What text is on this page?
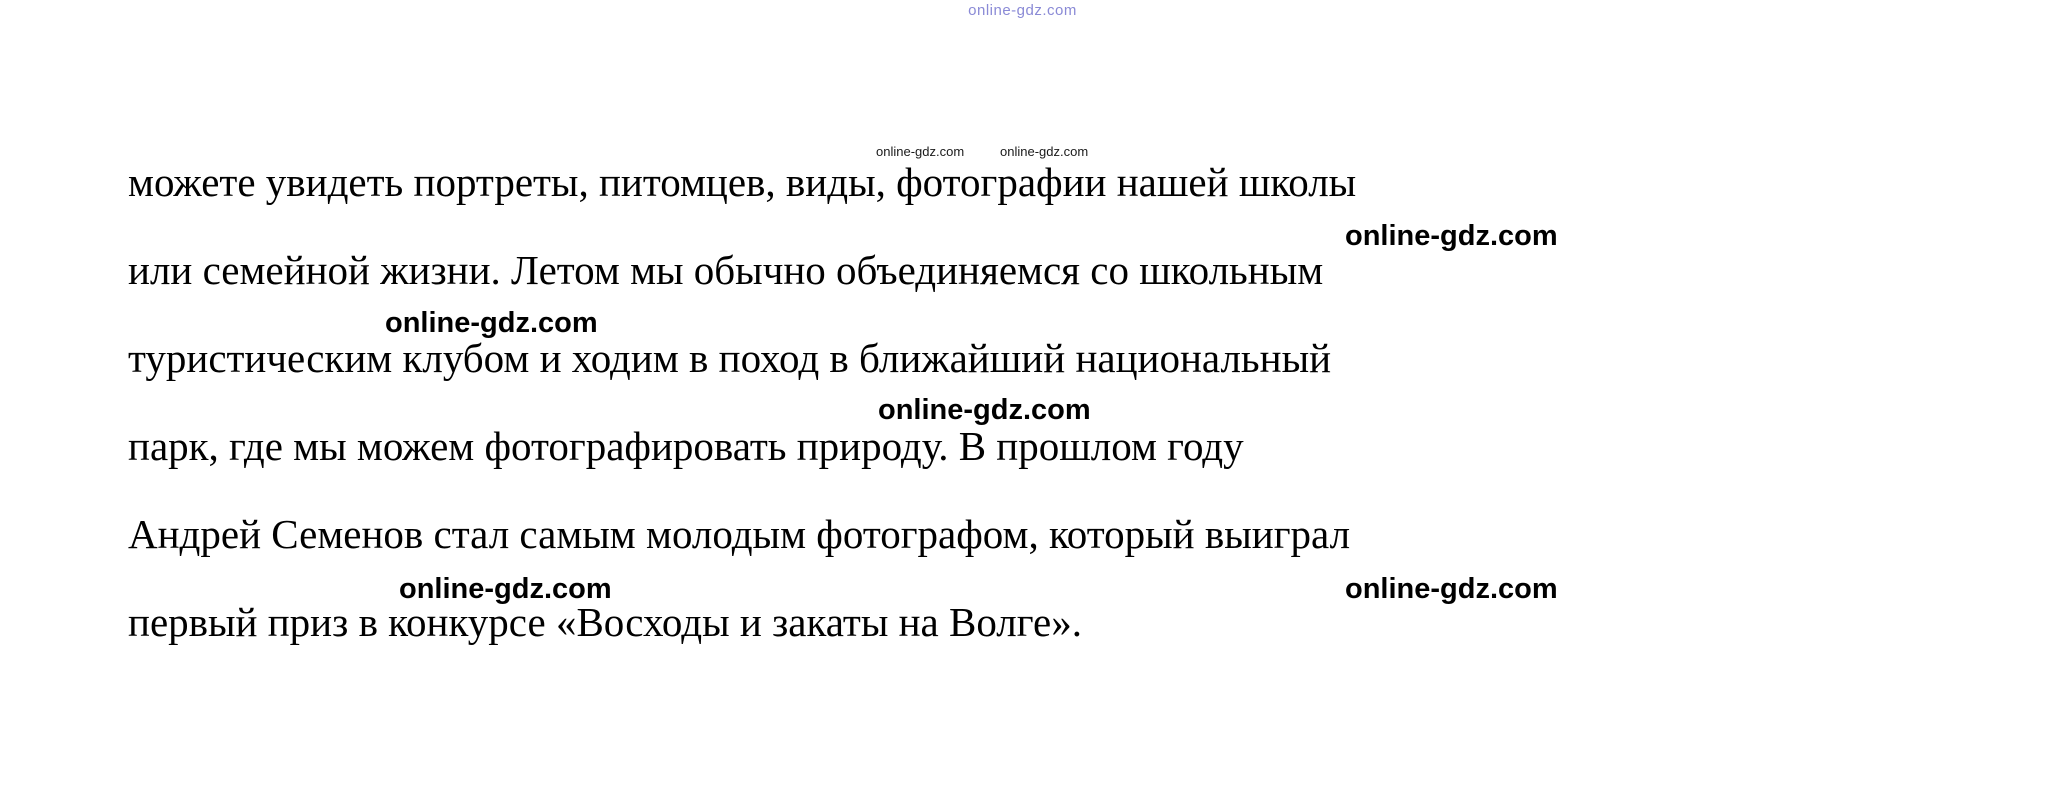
online-gdz.com
можете увидеть портреты, питомцев, виды, фотографии нашей школы
или семейной жизни. Летом мы обычно объединяемся со школьным
туристическим клубом и ходим в поход в ближайший национальный
парк, где мы можем фотографировать природу. В прошлом году
Андрей Семенов стал самым молодым фотографом, который выиграл
первый приз в конкурсе «Восходы и закаты на Волге».
online-gdz.com	online-gdz.com
online-gdz.com
online-gdz.com
online-gdz.com
online-gdz.com	online-gdz.com
